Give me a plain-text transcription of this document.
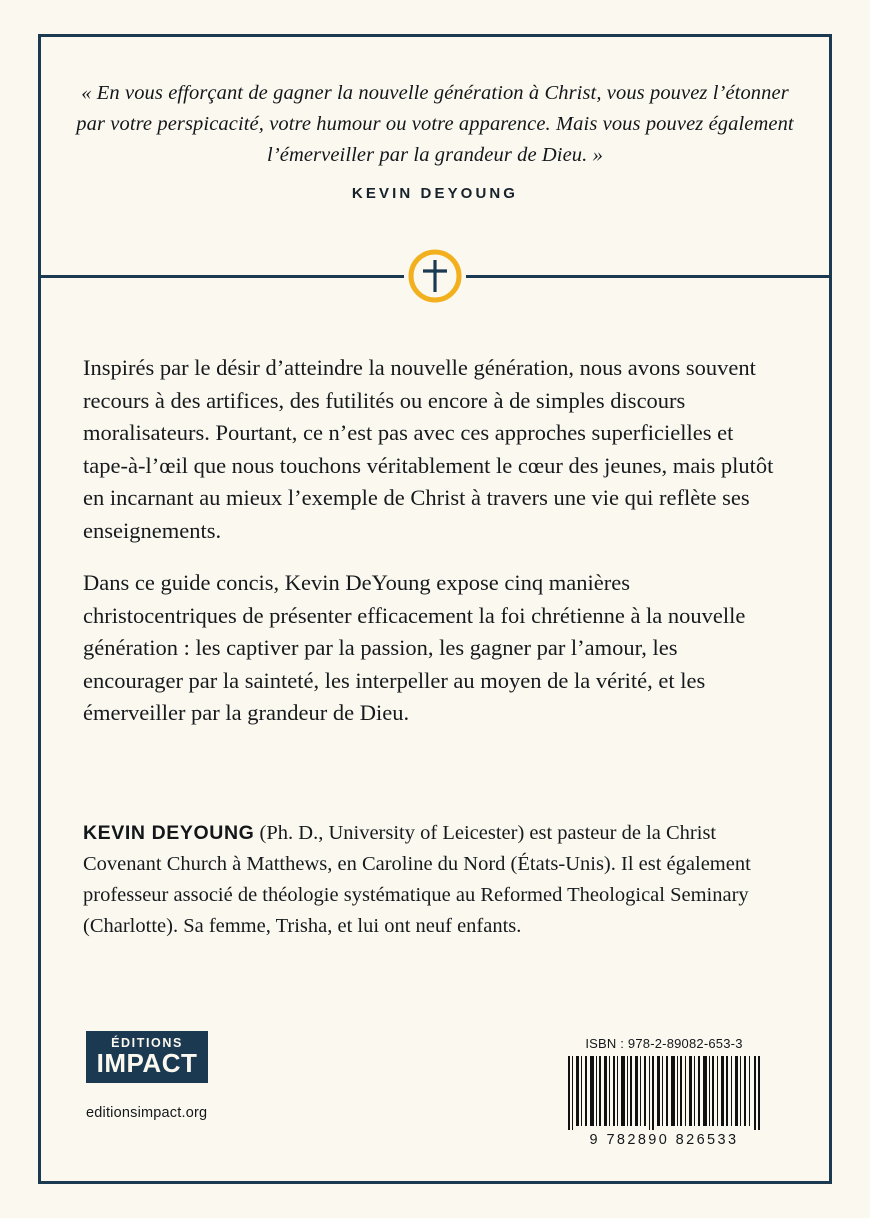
« En vous efforçant de gagner la nouvelle génération à Christ, vous pouvez l’étonner par votre perspicacité, votre humour ou votre apparence. Mais vous pouvez également l’émerveiller par la grandeur de Dieu. »
KEVIN DEYOUNG

Inspirés par le désir d’atteindre la nouvelle génération, nous avons souvent recours à des artifices, des futilités ou encore à de simples discours moralisateurs. Pourtant, ce n’est pas avec ces approches superficielles et tape-à-l’œil que nous touchons véritablement le cœur des jeunes, mais plutôt en incarnant au mieux l’exemple de Christ à travers une vie qui reflète ses enseignements.

Dans ce guide concis, Kevin DeYoung expose cinq manières christocentriques de présenter efficacement la foi chrétienne à la nouvelle génération : les captiver par la passion, les gagner par l’amour, les encourager par la sainteté, les interpeller au moyen de la vérité, et les émerveiller par la grandeur de Dieu.

KEVIN DEYOUNG (Ph. D., University of Leicester) est pasteur de la Christ Covenant Church à Matthews, en Caroline du Nord (États-Unis). Il est également professeur associé de théologie systématique au Reformed Theological Seminary (Charlotte). Sa femme, Trisha, et lui ont neuf enfants.
ÉDITIONS
IMPACT
editionsimpact.org
ISBN : 978-2-89082-653-3
9 782890 826533
